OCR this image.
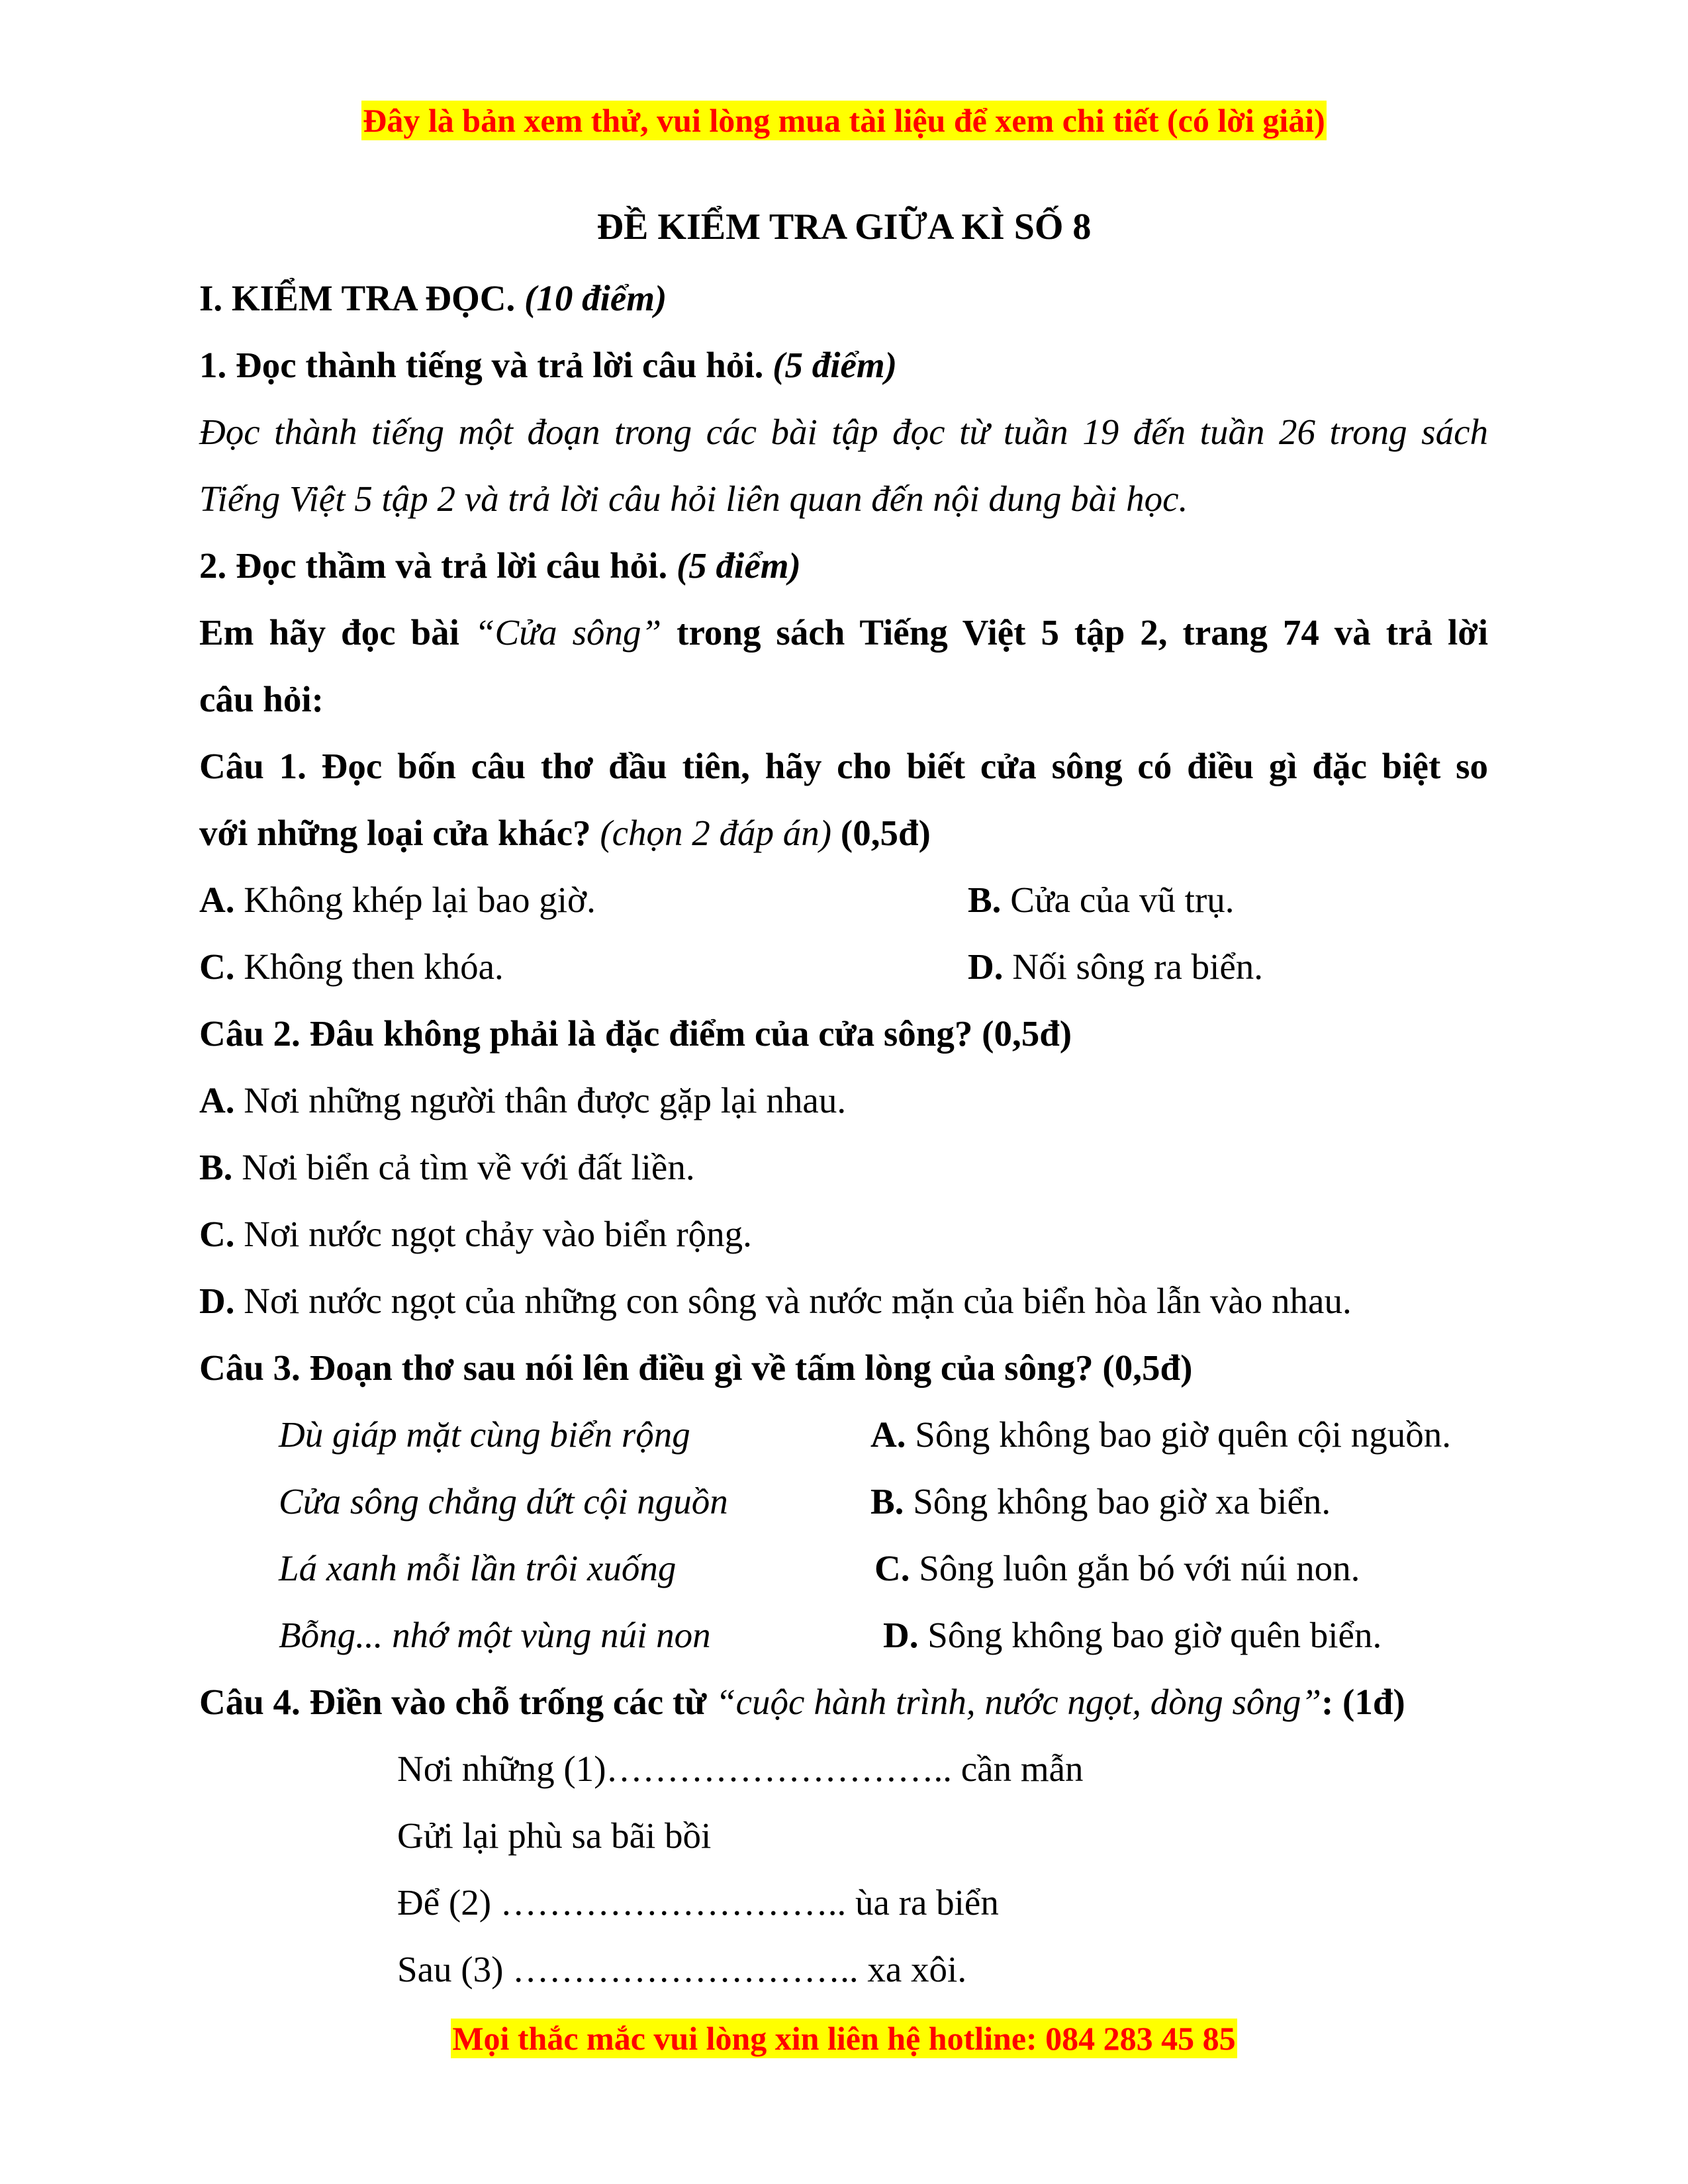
Đây là bản xem thử, vui lòng mua tài liệu để xem chi tiết (có lời giải)
ĐỀ KIỂM TRA GIỮA KÌ SỐ 8
I. KIỂM TRA ĐỌC. (10 điểm)
1. Đọc thành tiếng và trả lời câu hỏi. (5 điểm)
Đọc thành tiếng một đoạn trong các bài tập đọc từ tuần 19 đến tuần 26 trong sách
Tiếng Việt 5 tập 2 và trả lời câu hỏi liên quan đến nội dung bài học.
2. Đọc thầm và trả lời câu hỏi. (5 điểm)
Em hãy đọc bài “Cửa sông” trong sách Tiếng Việt 5 tập 2, trang 74 và trả lời
câu hỏi:
Câu 1. Đọc bốn câu thơ đầu tiên, hãy cho biết cửa sông có điều gì đặc biệt so
với những loại cửa khác? (chọn 2 đáp án) (0,5đ)
A. Không khép lại bao giờ.	B. Cửa của vũ trụ.
C. Không then khóa.	D. Nối sông ra biển.
Câu 2. Đâu không phải là đặc điểm của cửa sông? (0,5đ)
A. Nơi những người thân được gặp lại nhau.
B. Nơi biển cả tìm về với đất liền.
C. Nơi nước ngọt chảy vào biển rộng.
D. Nơi nước ngọt của những con sông và nước mặn của biển hòa lẫn vào nhau.
Câu 3. Đoạn thơ sau nói lên điều gì về tấm lòng của sông? (0,5đ)
Dù giáp mặt cùng biển rộng	A. Sông không bao giờ quên cội nguồn.
Cửa sông chẳng dứt cội nguồn	B. Sông không bao giờ xa biển.
Lá xanh mỗi lần trôi xuống	C. Sông luôn gắn bó với núi non.
Bỗng... nhớ một vùng núi non	D. Sông không bao giờ quên biển.
Câu 4. Điền vào chỗ trống các từ “cuộc hành trình, nước ngọt, dòng sông”: (1đ)
Nơi những (1)……………………….. cần mẫn
Gửi lại phù sa bãi bồi
Để (2) ……………………….. ùa ra biển
Sau (3) ……………………….. xa xôi.
Mọi thắc mắc vui lòng xin liên hệ hotline: 084 283 45 85
